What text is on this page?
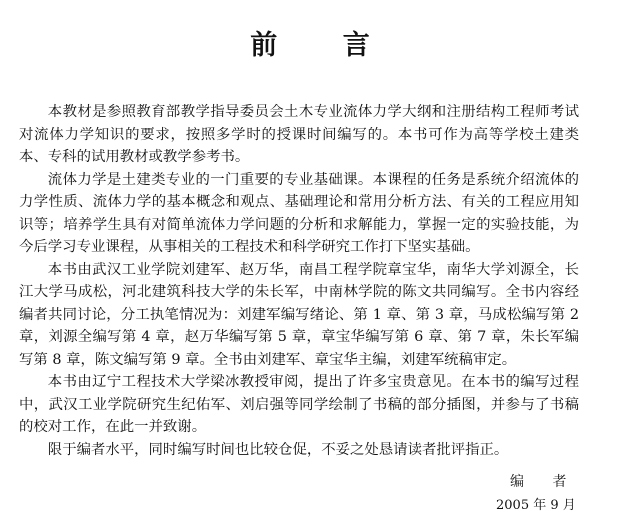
前 言

本教材是参照教育部教学指导委员会土木专业流体力学大纲和注册结构工程师考试对流体力学知识的要求，按照多学时的授课时间编写的。本书可作为高等学校土建类本、专科的试用教材或教学参考书。

流体力学是土建类专业的一门重要的专业基础课。本课程的任务是系统介绍流体的力学性质、流体力学的基本概念和观点、基础理论和常用分析方法、有关的工程应用知识等；培养学生具有对简单流体力学问题的分析和求解能力，掌握一定的实验技能，为今后学习专业课程，从事相关的工程技术和科学研究工作打下坚实基础。

本书由武汉工业学院刘建军、赵万华，南昌工程学院章宝华，南华大学刘源全，长江大学马成松，河北建筑科技大学的朱长军，中南林学院的陈文共同编写。全书内容经编者共同讨论，分工执笔情况为：刘建军编写绪论、第 1 章、第 3 章，马成松编写第 2 章，刘源全编写第 4 章，赵万华编写第 5 章，章宝华编写第 6 章、第 7 章，朱长军编写第 8 章，陈文编写第 9 章。全书由刘建军、章宝华主编，刘建军统稿审定。

本书由辽宁工程技术大学梁冰教授审阅，提出了许多宝贵意见。在本书的编写过程中，武汉工业学院研究生纪佑军、刘启强等同学绘制了书稿的部分插图，并参与了书稿的校对工作，在此一并致谢。

限于编者水平，同时编写时间也比较仓促，不妥之处恳请读者批评指正。

编 者
2005 年 9 月
